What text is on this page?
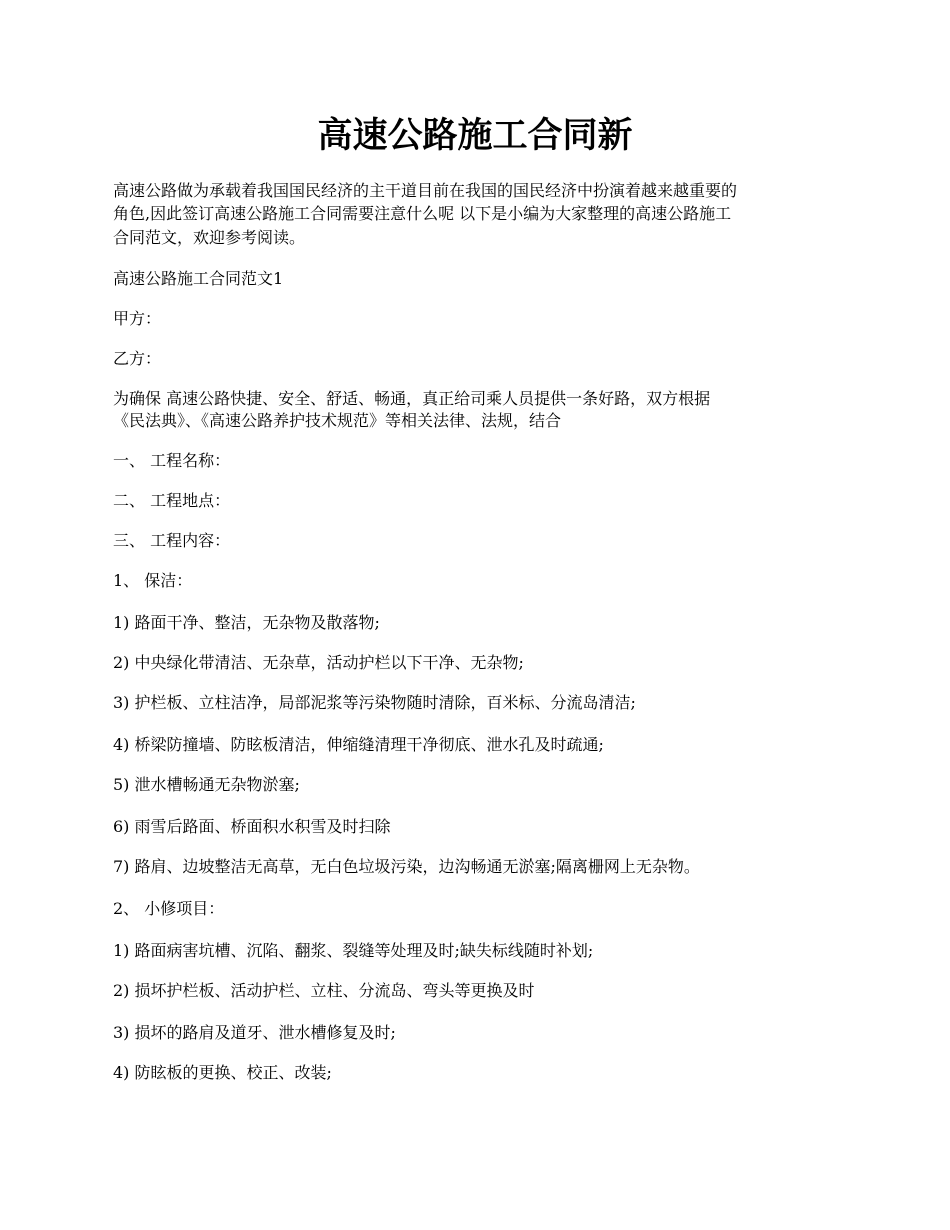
高速公路施工合同新

高速公路做为承载着我国国民经济的主干道目前在我国的国民经济中扮演着越来越重要的

角色,因此签订高速公路施工合同需要注意什么呢 以下是小编为大家整理的高速公路施工

合同范文，欢迎参考阅读。

高速公路施工合同范文1

甲方：

乙方：

为确保 高速公路快捷、安全、舒适、畅通，真正给司乘人员提供一条好路，双方根据

《民法典》、《高速公路养护技术规范》等相关法律、法规，结合

一、 工程名称：

二、 工程地点：

三、 工程内容：

1、 保洁：

1) 路面干净、整洁，无杂物及散落物;

2) 中央绿化带清洁、无杂草，活动护栏以下干净、无杂物;

3) 护栏板、立柱洁净，局部泥浆等污染物随时清除，百米标、分流岛清洁;

4) 桥梁防撞墙、防眩板清洁，伸缩缝清理干净彻底、泄水孔及时疏通;

5) 泄水槽畅通无杂物淤塞;

6) 雨雪后路面、桥面积水积雪及时扫除

7) 路肩、边坡整洁无高草，无白色垃圾污染，边沟畅通无淤塞;隔离栅网上无杂物。

2、 小修项目：

1) 路面病害坑槽、沉陷、翻浆、裂缝等处理及时;缺失标线随时补划;

2) 损坏护栏板、活动护栏、立柱、分流岛、弯头等更换及时

3) 损坏的路肩及道牙、泄水槽修复及时;

4) 防眩板的更换、校正、改装;
